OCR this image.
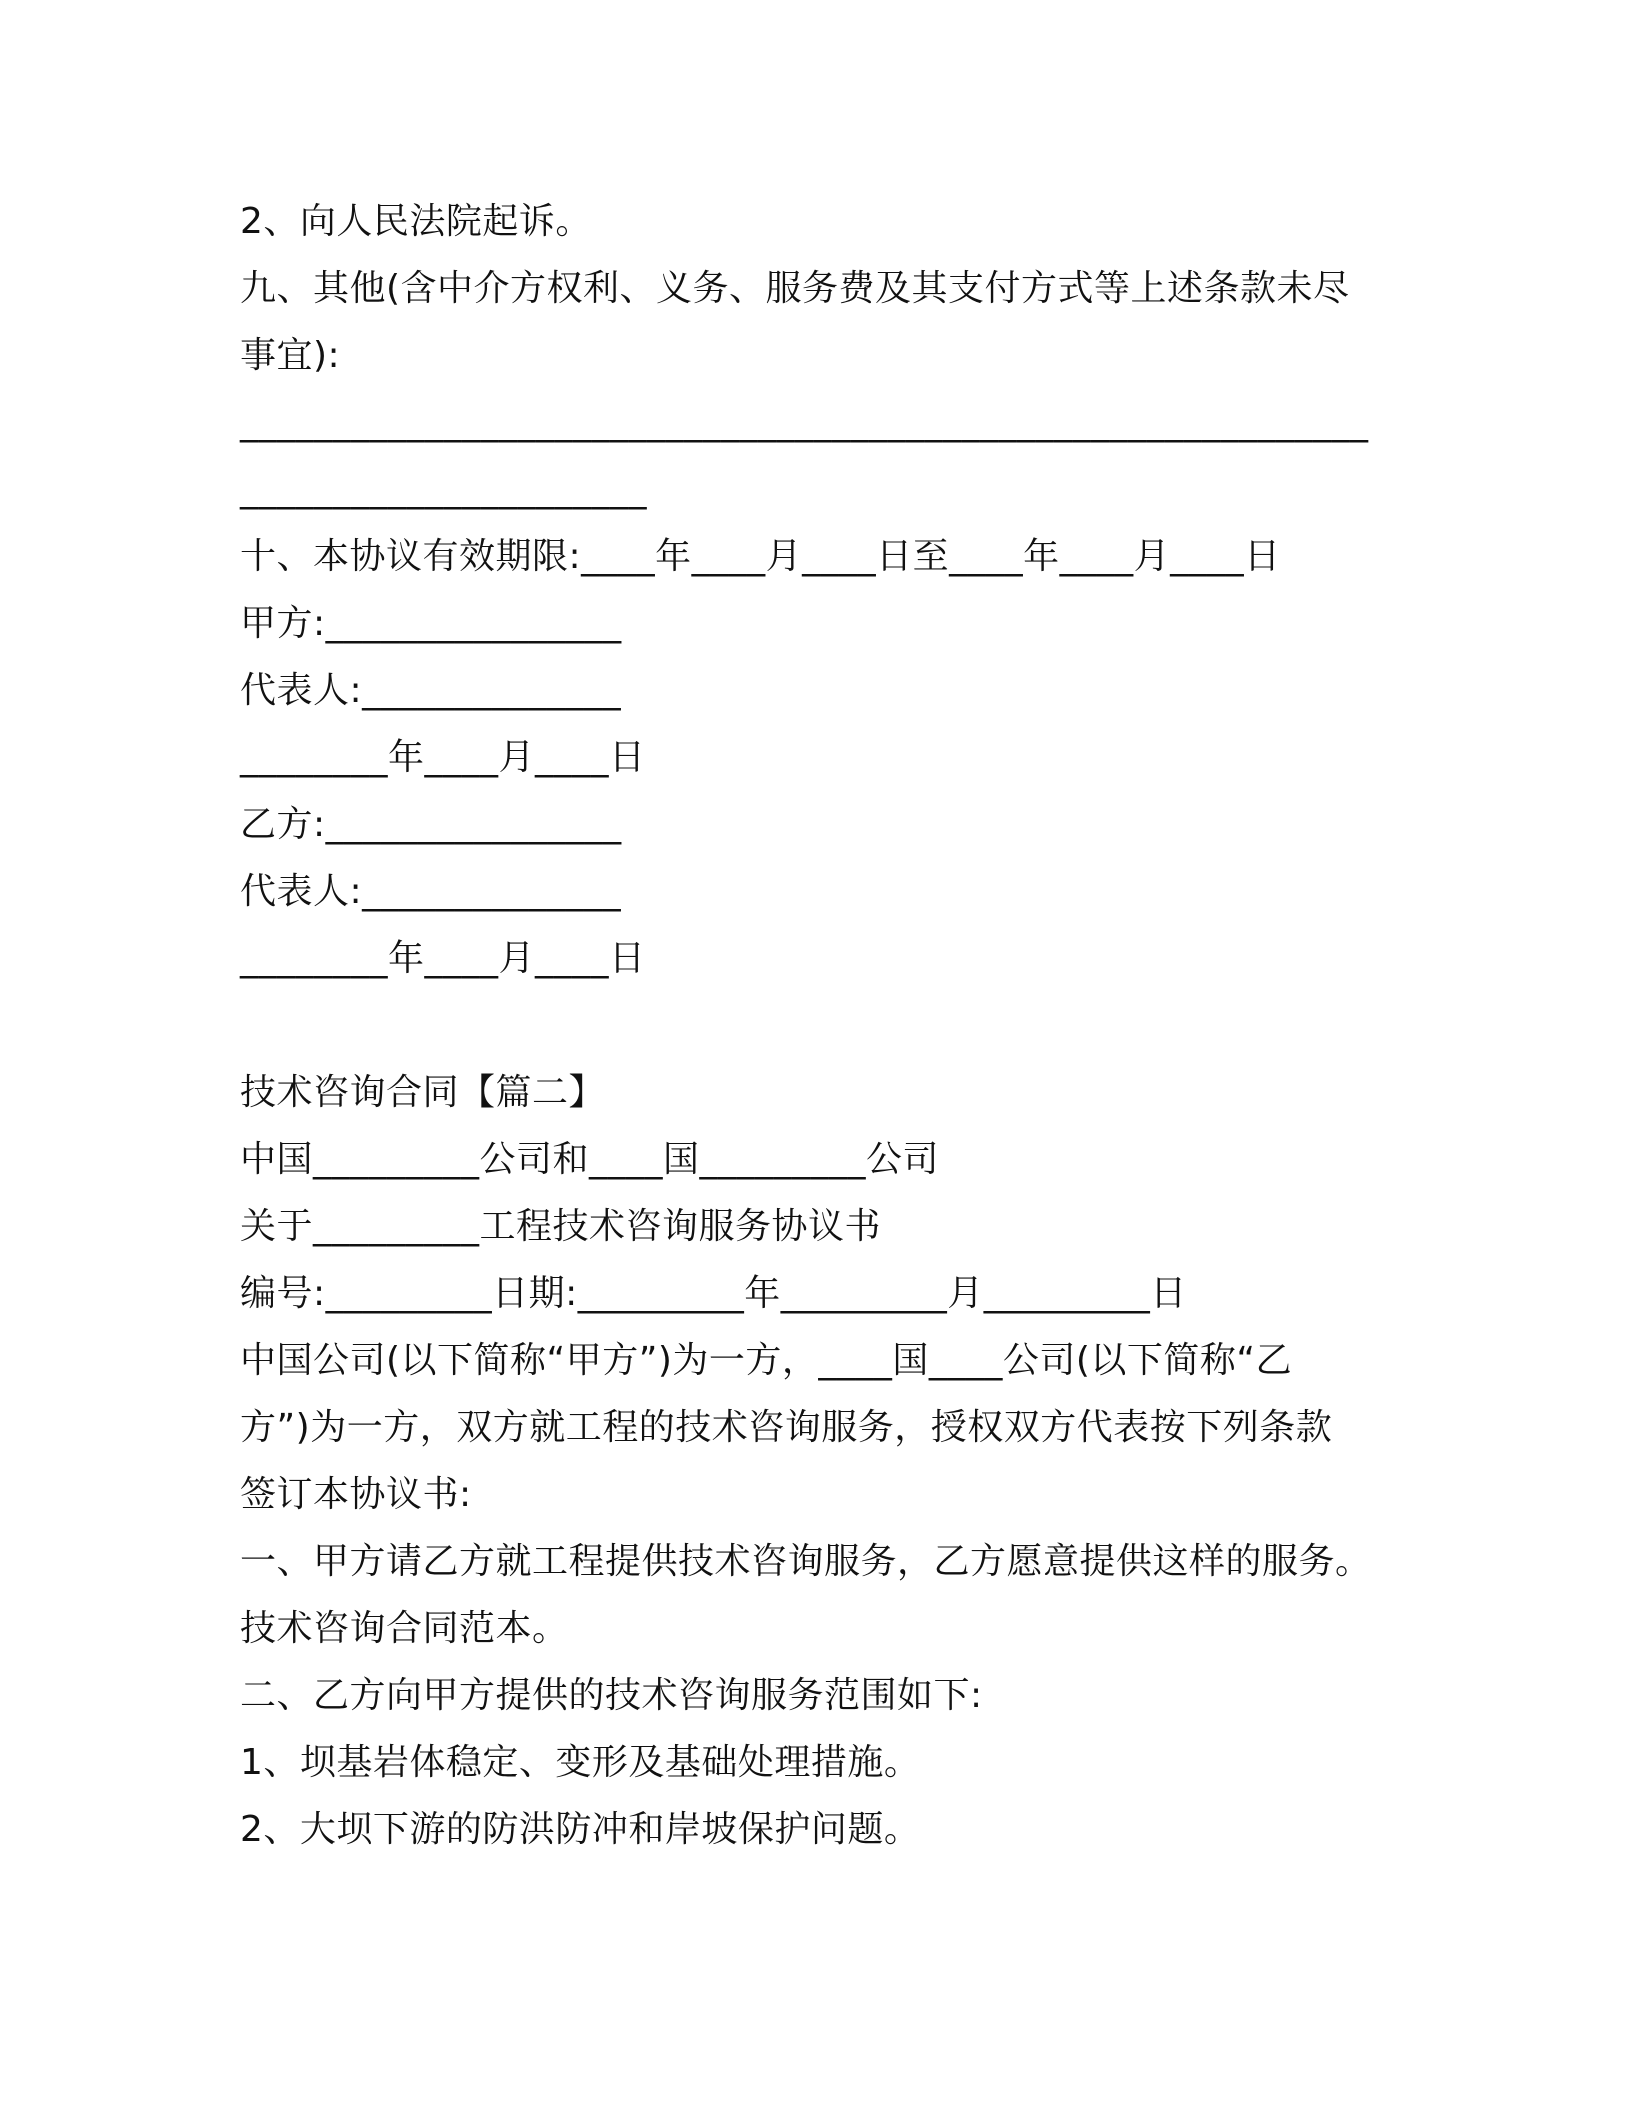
2、向人民法院起诉。
九、其他(含中介方权利、义务、服务费及其支付方式等上述条款未尽
事宜):
_____________________________________________________________
______________________
十、本协议有效期限:____年____月____日至____年____月____日
甲方:________________
代表人:______________
________年____月____日
乙方:________________
代表人:______________
________年____月____日
技术咨询合同【篇二】
中国_________公司和____国_________公司
关于_________工程技术咨询服务协议书
编号:_________日期:_________年_________月_________日
中国公司(以下简称“甲方”)为一方，____国____公司(以下简称“乙
方”)为一方，双方就工程的技术咨询服务，授权双方代表按下列条款
签订本协议书:
一、甲方请乙方就工程提供技术咨询服务，乙方愿意提供这样的服务。
技术咨询合同范本。
二、乙方向甲方提供的技术咨询服务范围如下:
1、坝基岩体稳定、变形及基础处理措施。
2、大坝下游的防洪防冲和岸坡保护问题。
